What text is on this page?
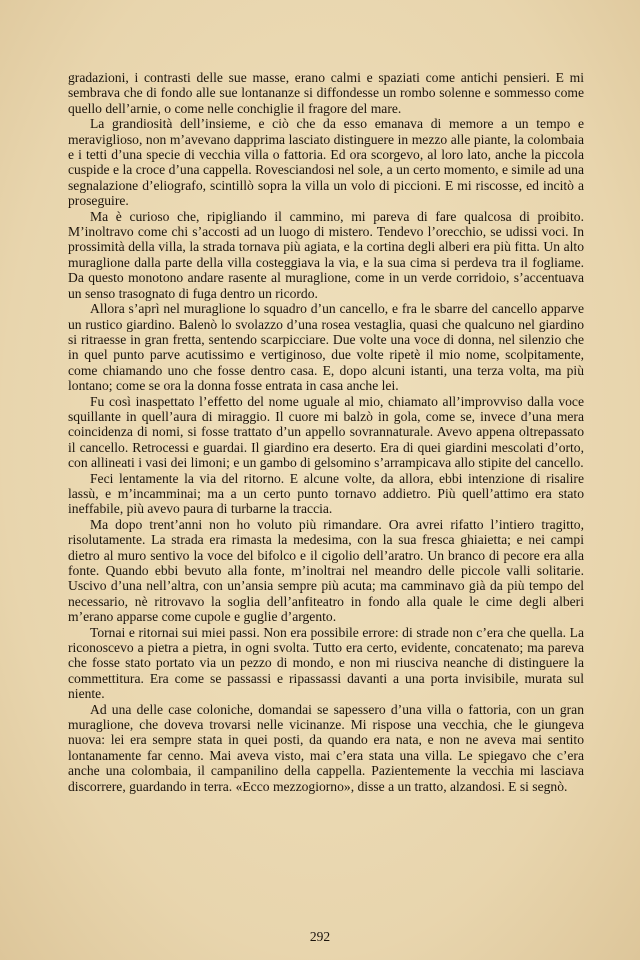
gradazioni, i contrasti delle sue masse, erano calmi e spaziati come antichi pensieri. E mi sembrava che di fondo alle sue lontananze si diffondesse un rombo solenne e sommesso come quello dell’arnie, o come nelle conchiglie il fragore del mare.

La grandiosità dell’insieme, e ciò che da esso emanava di memore a un tempo e meraviglioso, non m’avevano dapprima lasciato distinguere in mezzo alle piante, la colombaia e i tetti d’una specie di vecchia villa o fattoria. Ed ora scorgevo, al loro lato, anche la piccola cuspide e la croce d’una cappella. Rovesciandosi nel sole, a un certo momento, e simile ad una segnalazione d’eliografo, scintillò sopra la villa un volo di piccioni. E mi riscosse, ed incitò a proseguire.

Ma è curioso che, ripigliando il cammino, mi pareva di fare qualcosa di proibito. M’inoltravo come chi s’accosti ad un luogo di mistero. Tendevo l’orecchio, se udissi voci. In prossimità della villa, la strada tornava più agiata, e la cortina degli alberi era più fitta. Un alto muraglione dalla parte della villa costeggiava la via, e la sua cima si perdeva tra il fogliame. Da questo monotono andare rasente al muraglione, come in un verde corridoio, s’accentuava un senso trasognato di fuga dentro un ricordo.

Allora s’aprì nel muraglione lo squadro d’un cancello, e fra le sbarre del cancello apparve un rustico giardino. Balenò lo svolazzo d’una rosea vestaglia, quasi che qualcuno nel giardino si ritraesse in gran fretta, sentendo scarpicciare. Due volte una voce di donna, nel silenzio che in quel punto parve acutissimo e vertiginoso, due volte ripetè il mio nome, scolpitamente, come chiamando uno che fosse dentro casa. E, dopo alcuni istanti, una terza volta, ma più lontano; come se ora la donna fosse entrata in casa anche lei.

Fu così inaspettato l’effetto del nome uguale al mio, chiamato all’improvviso dalla voce squillante in quell’aura di miraggio. Il cuore mi balzò in gola, come se, invece d’una mera coincidenza di nomi, si fosse trattato d’un appello sovrannaturale. Avevo appena oltrepassato il cancello. Retrocessi e guardai. Il giardino era deserto. Era di quei giardini mescolati d’orto, con allineati i vasi dei limoni; e un gambo di gelsomino s’arrampicava allo stipite del cancello.

Feci lentamente la via del ritorno. E alcune volte, da allora, ebbi intenzione di risalire lassù, e m’incamminai; ma a un certo punto tornavo addietro. Più quell’attimo era stato ineffabile, più avevo paura di turbarne la traccia.

Ma dopo trent’anni non ho voluto più rimandare. Ora avrei rifatto l’intiero tragitto, risolutamente. La strada era rimasta la medesima, con la sua fresca ghiaietta; e nei campi dietro al muro sentivo la voce del bifolco e il cigolio dell’aratro. Un branco di pecore era alla fonte. Quando ebbi bevuto alla fonte, m’inoltrai nel meandro delle piccole valli solitarie. Uscivo d’una nell’altra, con un’ansia sempre più acuta; ma camminavo già da più tempo del necessario, nè ritrovavo la soglia dell’anfiteatro in fondo alla quale le cime degli alberi m’erano apparse come cupole e guglie d’argento.

Tornai e ritornai sui miei passi. Non era possibile errore: di strade non c’era che quella. La riconoscevo a pietra a pietra, in ogni svolta. Tutto era certo, evidente, concatenato; ma pareva che fosse stato portato via un pezzo di mondo, e non mi riusciva neanche di distinguere la commettitura. Era come se passassi e ripassassi davanti a una porta invisibile, murata sul niente.

Ad una delle case coloniche, domandai se sapessero d’una villa o fattoria, con un gran muraglione, che doveva trovarsi nelle vicinanze. Mi rispose una vecchia, che le giungeva nuova: lei era sempre stata in quei posti, da quando era nata, e non ne aveva mai sentito lontanamente far cenno. Mai aveva visto, mai c’era stata una villa. Le spiegavo che c’era anche una colombaia, il campanilino della cappella. Pazientemente la vecchia mi lasciava discorrere, guardando in terra. «Ecco mezzogiorno», disse a un tratto, alzandosi. E si segnò.

292
